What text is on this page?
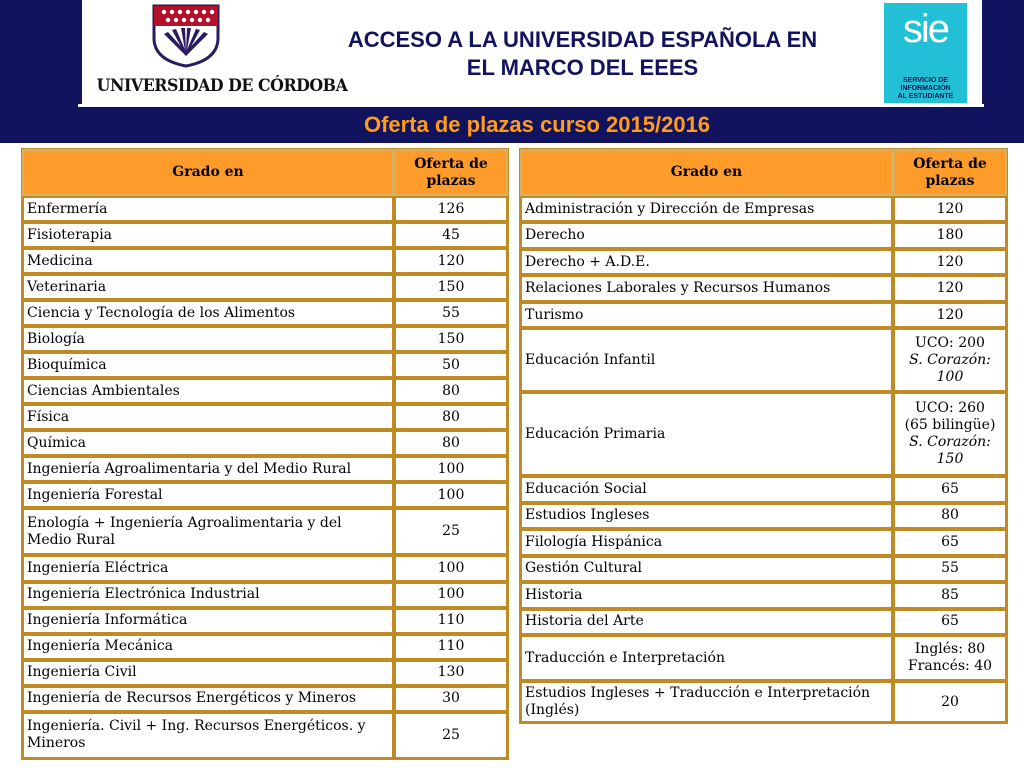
UNIVERSIDAD DE CÓRDOBA
ACCESO A LA UNIVERSIDAD ESPAÑOLA EN
EL MARCO DEL EEES
sie
SERVICIO DE
INFORMACIÓN
AL ESTUDIANTE
Oferta de plazas curso 2015/2016
Grado en	Oferta de
plazas

Enfermería	126
Fisioterapia	45
Medicina	120
Veterinaria	150
Ciencia y Tecnología de los Alimentos	55
Biología	150
Bioquímica	50
Ciencias Ambientales	80
Física	80
Química	80
Ingeniería Agroalimentaria y del Medio Rural	100
Ingeniería Forestal	100
Enología + Ingeniería Agroalimentaria y del Medio Rural	25
Ingeniería Eléctrica	100
Ingeniería Electrónica Industrial	100
Ingeniería Informática	110
Ingeniería Mecánica	110
Ingeniería Civil	130
Ingeniería de Recursos Energéticos y Mineros	30
Ingeniería. Civil + Ing. Recursos Energéticos. y Mineros	25
Grado en	Oferta de
plazas

Administración y Dirección de Empresas	120
Derecho	180
Derecho + A.D.E.	120
Relaciones Laborales y Recursos Humanos	120
Turismo	120
Educación Infantil	UCO: 200
S. Corazón:
100

Educación Primaria	UCO: 260
(65 bilingüe)
S. Corazón:
150

Educación Social	65
Estudios Ingleses	80
Filología Hispánica	65
Gestión Cultural	55
Historia	85
Historia del Arte	65
Traducción e Interpretación	Inglés: 80
Francés: 40

Estudios Ingleses + Traducción e Interpretación (Inglés)	20
